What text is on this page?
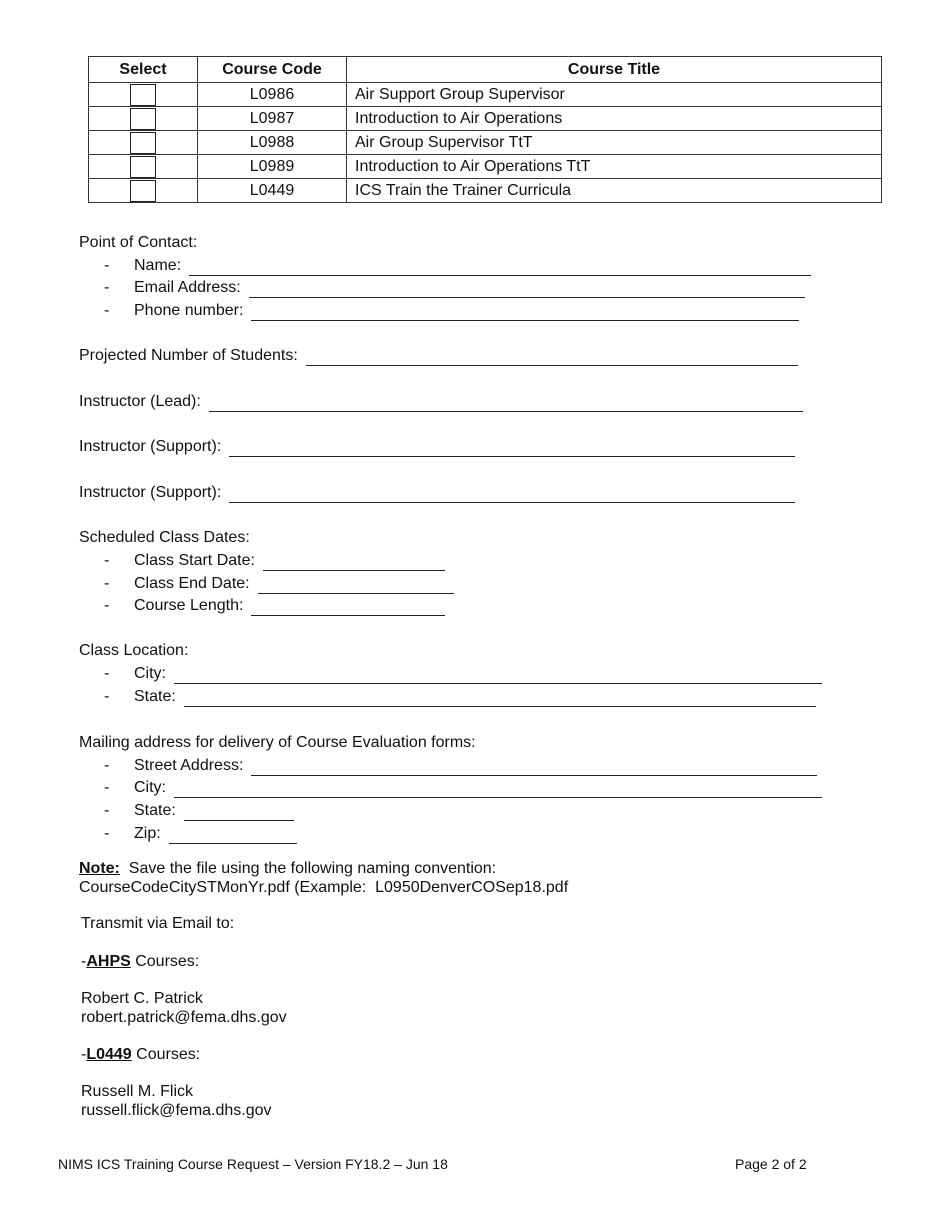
Select	Course Code	Course Title
	L0986	Air Support Group Supervisor
	L0987	Introduction to Air Operations
	L0988	Air Group Supervisor TtT
	L0989	Introduction to Air Operations TtT
	L0449	ICS Train the Trainer Curricula
Point of Contact:
- Name:
- Email Address:
- Phone number:
Projected Number of Students:
Instructor (Lead):
Instructor (Support):
Instructor (Support):
Scheduled Class Dates:
- Class Start Date:
- Class End Date:
- Course Length:
Class Location:
- City:
- State:
Mailing address for delivery of Course Evaluation forms:
- Street Address:
- City:
- State:
- Zip:
Note: Save the file using the following naming convention:
CourseCodeCitySTMonYr.pdf (Example:  L0950DenverCOSep18.pdf
Transmit via Email to:
- AHPS Courses:
Robert C. Patrick
robert.patrick@fema.dhs.gov
- L0449 Courses:
Russell M. Flick
russell.flick@fema.dhs.gov
NIMS ICS Training Course Request – Version FY18.2 – Jun 18	Page 2 of 2
